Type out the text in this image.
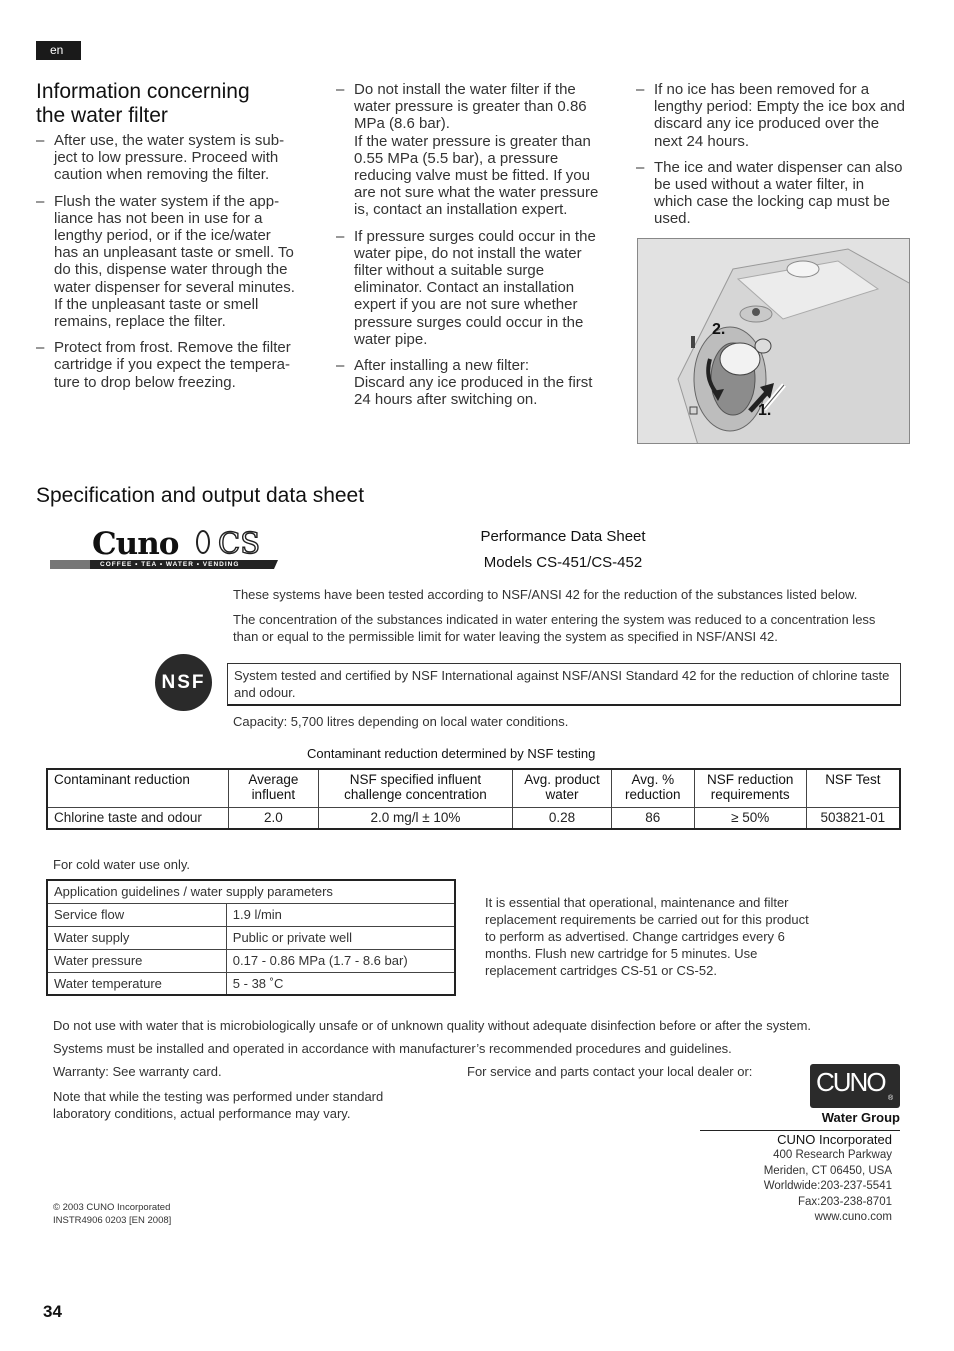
en
Information concerning
the water filter
– After use, the water system is sub-ject to low pressure. Proceed with caution when removing the filter.
– Flush the water system if the app-liance has not been in use for a lengthy period, or if the ice/water has an unpleasant taste or smell. To do this, dispense water through the water dispenser for several minutes. If the unpleasant taste or smell remains, replace the filter.
– Protect from frost. Remove the filter cartridge if you expect the tempera-ture to drop below freezing.
– Do not install the water filter if the water pressure is greater than 0.86 MPa (8.6 bar).
If the water pressure is greater than 0.55 MPa (5.5 bar), a pressure reducing valve must be fitted. If you are not sure what the water pressure is, contact an installation expert.
– If pressure surges could occur in the water pipe, do not install the water filter without a suitable surge eliminator. Contact an installation expert if you are not sure whether pressure surges could occur in the water pipe.
– After installing a new filter:
Discard any ice produced in the first 24 hours after switching on.
– If no ice has been removed for a lengthy period: Empty the ice box and discard any ice produced over the next 24 hours.
– The ice and water dispenser can also be used without a water filter, in which case the locking cap must be used.
2.
1.
Specification and output data sheet
Cuno CS
COFFEE • TEA • WATER • VENDING
Performance Data Sheet
Models CS-451/CS-452
These systems have been tested according to NSF/ANSI 42 for the reduction of the substances listed below.
The concentration of the substances indicated in water entering the system was reduced to a concentration less than or equal to the permissible limit for water leaving the system as specified in NSF/ANSI 42.
NSF	System tested and certified by NSF International against NSF/ANSI Standard 42 for the reduction of chlorine taste and odour.
Capacity: 5,700 litres depending on local water conditions.
Contaminant reduction determined by NSF testing
Contaminant reduction	Average influent	NSF specified influent challenge concentration	Avg. product water	Avg. % reduction	NSF reduction requirements	NSF Test
Chlorine taste and odour	2.0	2.0 mg/l ± 10%	0.28	86	≥ 50%	503821-01
For cold water use only.
Application guidelines / water supply parameters	
Service flow	1.9 l/min
Water supply	Public or private well
Water pressure	0.17 - 0.86 MPa (1.7 - 8.6 bar)
Water temperature	5 - 38 ˚C
It is essential that operational, maintenance and filter replacement requirements be carried out for this product to perform as advertised. Change cartridges every 6 months. Flush new cartridge for 5 minutes. Use replacement cartridges CS-51 or CS-52.
Do not use with water that is microbiologically unsafe or of unknown quality without adequate disinfection before or after the system.
Systems must be installed and operated in accordance with manufacturer’s recommended procedures and guidelines.
Warranty: See warranty card.	For service and parts contact your local dealer or:
Note that while the testing was performed under standard laboratory conditions, actual performance may vary.
© 2003 CUNO Incorporated
INSTR4906 0203 [EN 2008]
CUNO
®
Water Group
CUNO Incorporated
400 Research Parkway
Meriden, CT 06450, USA
Worldwide:203-237-5541
Fax:203-238-8701
www.cuno.com
34
